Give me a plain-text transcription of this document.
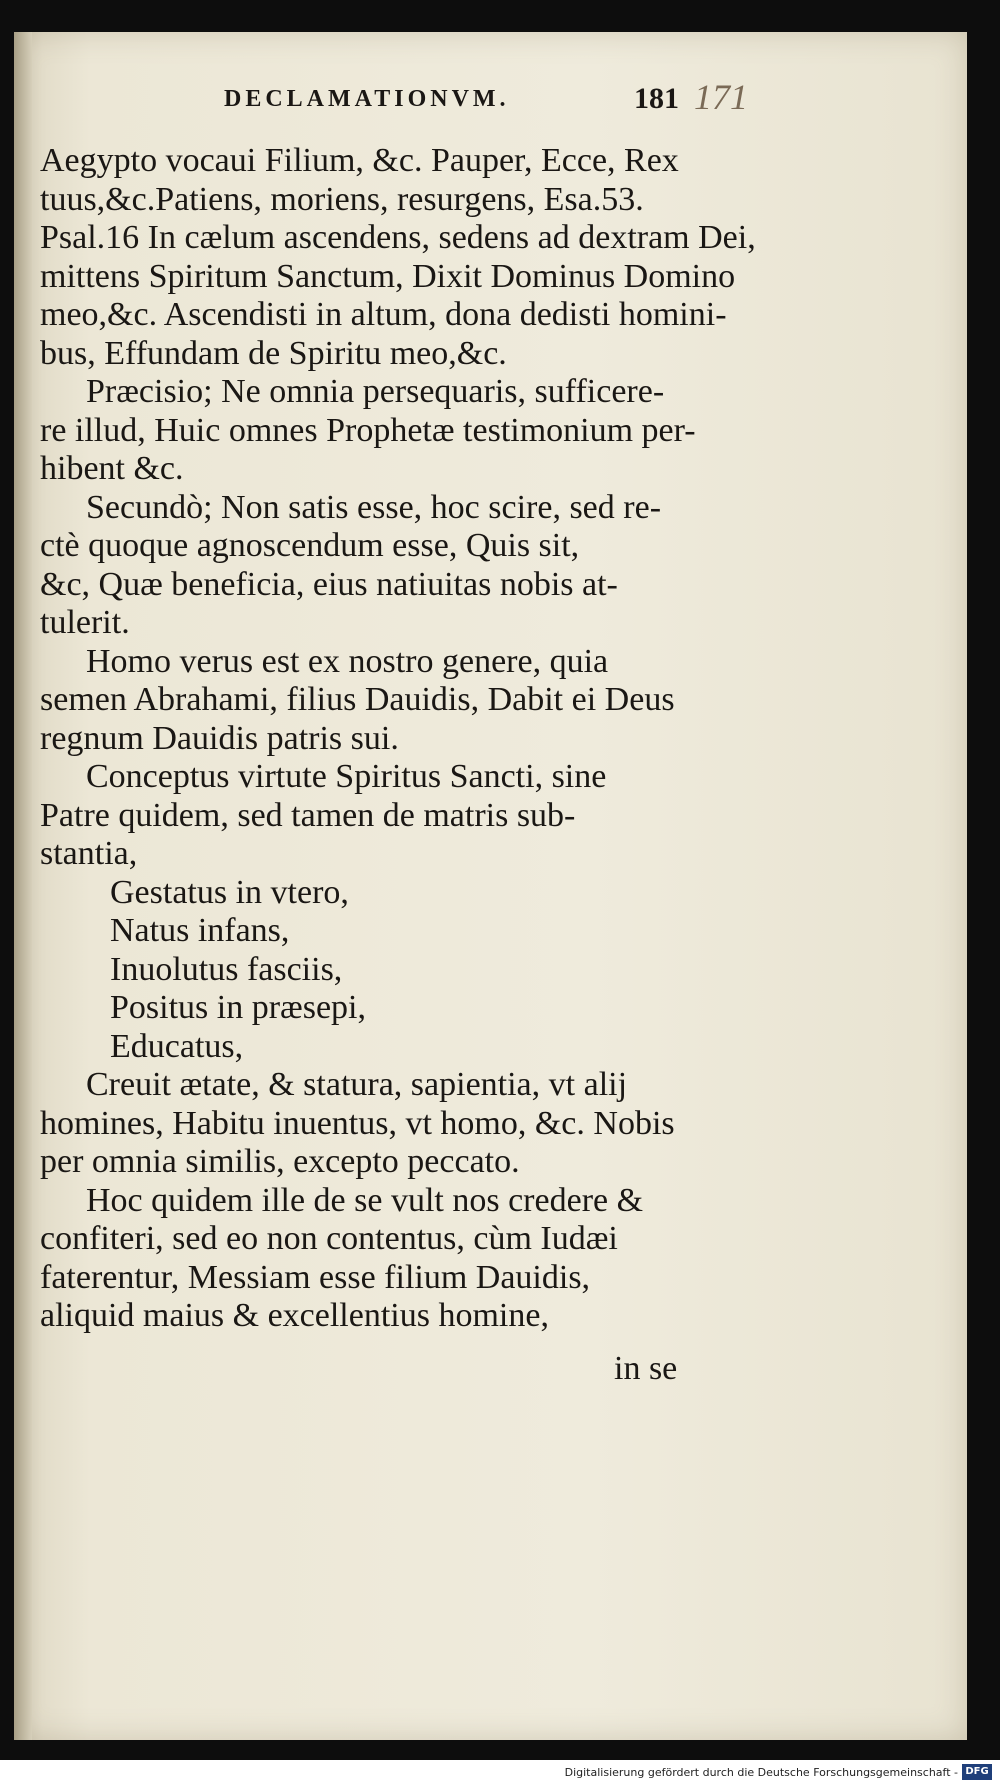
DECLAMATIONVM.	181 171

Aegypto vocaui Filium, &c. Pauper, Ecce, Rex

tuus,&c.Patiens, moriens, resurgens, Esa.53.

Psal.16 In cælum ascendens, sedens ad dextram Dei,

mittens Spiritum Sanctum, Dixit Dominus Domino

meo,&c. Ascendisti in altum, dona dedisti homini-

bus, Effundam de Spiritu meo,&c.

Præcisio; Ne omnia persequaris, sufficere-

re illud, Huic omnes Prophetæ testimonium per-

hibent &c.

Secundò; Non satis esse, hoc scire, sed re-

ctè quoque agnoscendum esse, Quis sit,

&c, Quæ beneficia, eius natiuitas nobis at-

tulerit.

Homo verus est ex nostro genere, quia

semen Abrahami, filius Dauidis, Dabit ei Deus

regnum Dauidis patris sui.

Conceptus virtute Spiritus Sancti, sine

Patre quidem, sed tamen de matris sub-

stantia,

Gestatus in vtero,

Natus infans,

Inuolutus fasciis,

Positus in præsepi,

Educatus,

Creuit ætate, & statura, sapientia, vt alij

homines, Habitu inuentus, vt homo, &c. Nobis

per omnia similis, excepto peccato.

Hoc quidem ille de se vult nos credere &

confiteri, sed eo non contentus, cùm Iudæi

faterentur, Messiam esse filium Dauidis,

aliquid maius & excellentius homine,

in se
Digitalisierung gefördert durch die Deutsche Forschungsgemeinschaft - DFG
